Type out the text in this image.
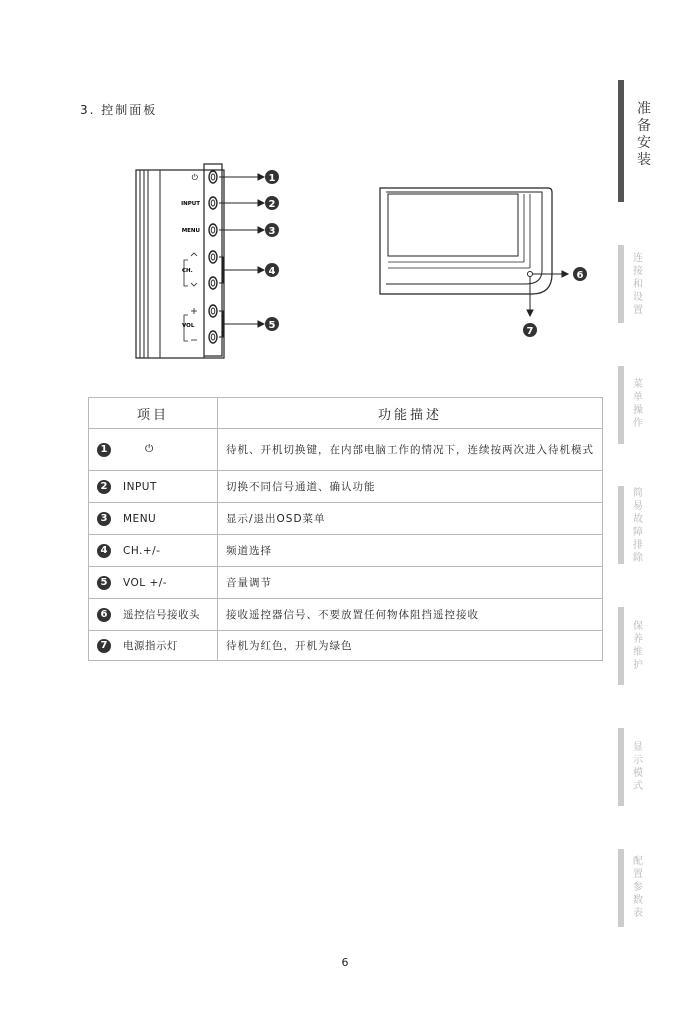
3. 控制面板	准备安装
连接和设置
菜单操作
简易故障排除
保养维护
显示模式
配置参数表
⏻
INPUT
MENU
CH.
VOL
1
2
3
4
5
6
7
项目	功能描述
1 ⏻	待机、开机切换键，在内部电脑工作的情况下，连续按两次进入待机模式
2 INPUT	切换不同信号通道、确认功能
3 MENU	显示/退出OSD菜单
4 CH.+/-	频道选择
5 VOL +/-	音量调节
6 遥控信号接收头	接收遥控器信号、不要放置任何物体阻挡遥控接收
7 电源指示灯	待机为红色，开机为绿色
6
